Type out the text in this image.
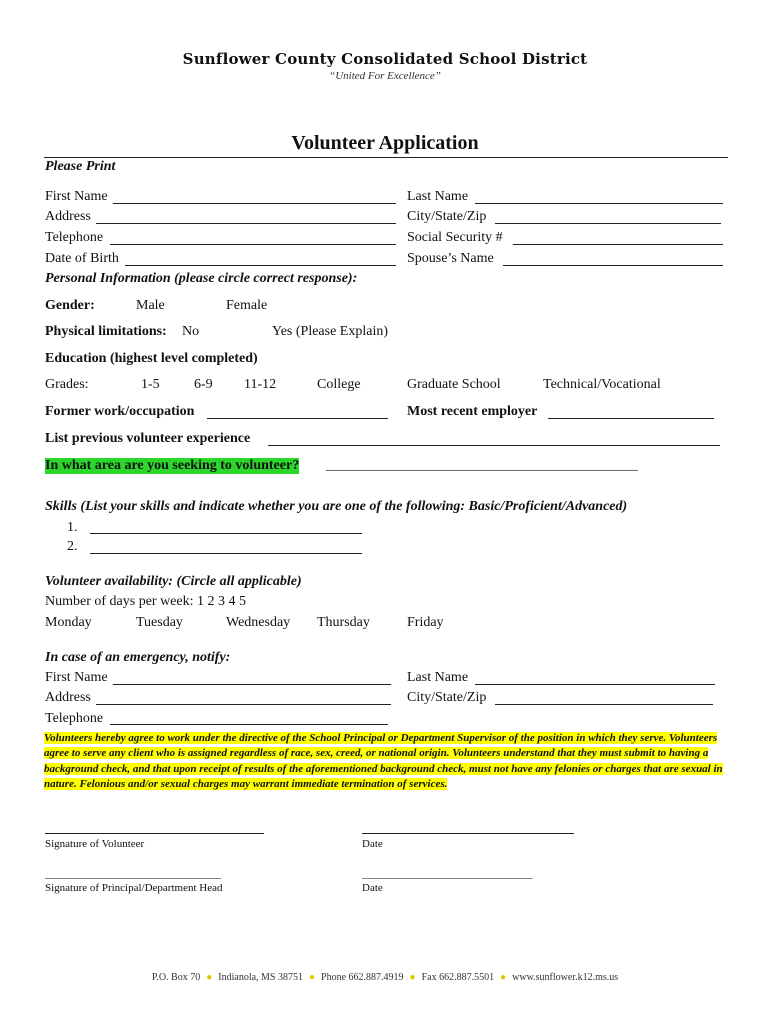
Sunflower County Consolidated School District
“United For Excellence”
Volunteer Application
Please Print
First Name	Last Name
Address	City/State/Zip
Telephone	Social Security #
Date of Birth	Spouse’s Name
Personal Information (please circle correct response):
Gender:	Male	Female
Physical limitations: No	Yes (Please Explain)
Education (highest level completed)
Grades:	1-5 6-9 11-12	College	Graduate School	Technical/Vocational
Former work/occupation	Most recent employer
List previous volunteer experience
In what area are you seeking to volunteer? ________________________________________________
Skills (List your skills and indicate whether you are one of the following: Basic/Proficient/Advanced)
1.
2.
Volunteer availability: (Circle all applicable)
Number of days per week: 1 2 3 4 5
Monday	Tuesday	Wednesday Thursday	Friday
In case of an emergency, notify:
First Name	Last Name
Address	City/State/Zip
Telephone
Volunteers hereby agree to work under the directive of the School Principal or Department Supervisor of the position in which they serve. Volunteers agree to serve any client who is assigned regardless of race, sex, creed, or national origin. Volunteers understand that they must submit to having a background check, and that upon receipt of results of the aforementioned background check, must not have any felonies or charges that are sexual in nature. Felonious and/or sexual charges may warrant immediate termination of services.
Signature of Volunteer	Date
________________________________
Signature of Principal/Department Head
_______________________________
Date
P.O. Box 70 ● Indianola, MS 38751 ● Phone 662.887.4919 ● Fax 662.887.5501 ● www.sunflower.k12.ms.us
